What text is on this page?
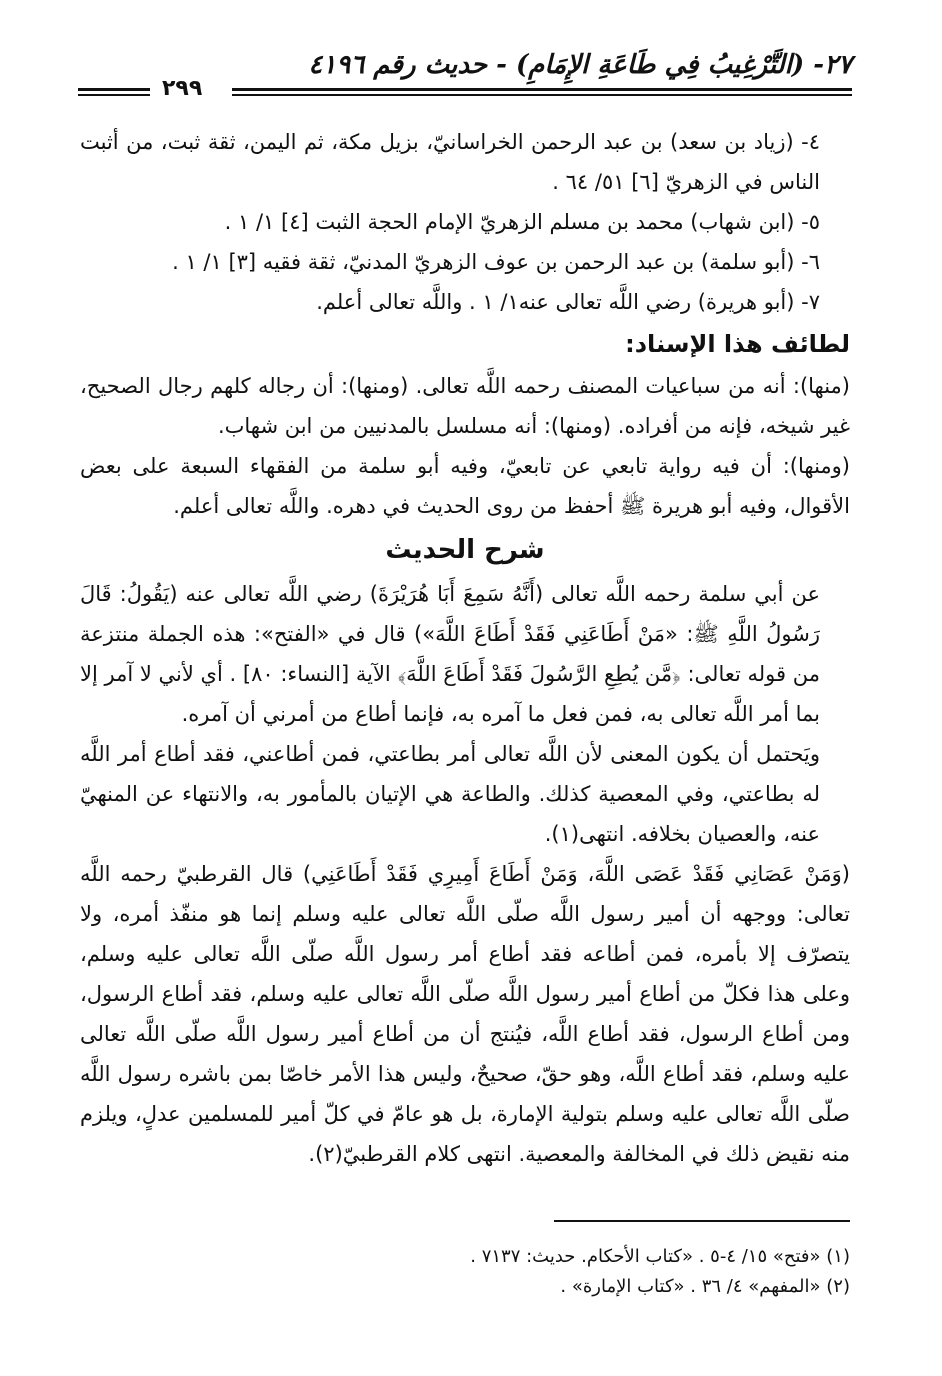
٢٧- (التَّرْغِيبُ فِي طَاعَةِ الإِمَامِ) - حديث رقم ٤١٩٦
٢٩٩

٤- (زياد بن سعد) بن عبد الرحمن الخراسانيّ، بزيل مكة، ثم اليمن، ثقة ثبت، من أثبت الناس في الزهريّ [٦] ٥١/ ٦٤ .

٥- (ابن شهاب) محمد بن مسلم الزهريّ الإمام الحجة الثبت [٤] ١/ ١ .

٦- (أبو سلمة) بن عبد الرحمن بن عوف الزهريّ المدنيّ، ثقة فقيه [٣] ١/ ١ .

٧- (أبو هريرة) رضي اللَّه تعالى عنه١/ ١ . واللَّه تعالى أعلم.

لطائف هذا الإسناد:

(منها): أنه من سباعيات المصنف رحمه اللَّه تعالى. (ومنها): أن رجاله كلهم رجال الصحيح، غير شيخه، فإنه من أفراده. (ومنها): أنه مسلسل بالمدنيين من ابن شهاب.

(ومنها): أن فيه رواية تابعي عن تابعيّ، وفيه أبو سلمة من الفقهاء السبعة على بعض الأقوال، وفيه أبو هريرة ﷺ أحفظ من روى الحديث في دهره. واللَّه تعالى أعلم.

شرح الحديث

عن أبي سلمة رحمه اللَّه تعالى (أَنَّهُ سَمِعَ أَبَا هُرَيْرَةَ) رضي اللَّه تعالى عنه (يَقُولُ: قَالَ رَسُولُ اللَّهِ ﷺ: «مَنْ أَطَاعَنِي فَقَدْ أَطَاعَ اللَّهَ») قال في «الفتح»: هذه الجملة منتزعة من قوله تعالى: ﴿مَّن يُطِعِ الرَّسُولَ فَقَدْ أَطَاعَ اللَّهَ﴾ الآية [النساء: ٨٠] . أي لأني لا آمر إلا بما أمر اللَّه تعالى به، فمن فعل ما آمره به، فإنما أطاع من أمرني أن آمره.

ويَحتمل أن يكون المعنى لأن اللَّه تعالى أمر بطاعتي، فمن أطاعني، فقد أطاع أمر اللَّه له بطاعتي، وفي المعصية كذلك. والطاعة هي الإتيان بالمأمور به، والانتهاء عن المنهيّ عنه، والعصيان بخلافه. انتهى(١).

(وَمَنْ عَصَانِي فَقَدْ عَصَى اللَّهَ، وَمَنْ أَطَاعَ أَمِيرِي فَقَدْ أَطَاعَنِي) قال القرطبيّ رحمه اللَّه تعالى: ووجهه أن أمير رسول اللَّه صلّى اللَّه تعالى عليه وسلم إنما هو منفّذ أمره، ولا يتصرّف إلا بأمره، فمن أطاعه فقد أطاع أمر رسول اللَّه صلّى اللَّه تعالى عليه وسلم، وعلى هذا فكلّ من أطاع أمير رسول اللَّه صلّى اللَّه تعالى عليه وسلم، فقد أطاع الرسول، ومن أطاع الرسول، فقد أطاع اللَّه، فيُنتج أن من أطاع أمير رسول اللَّه صلّى اللَّه تعالى عليه وسلم، فقد أطاع اللَّه، وهو حقّ، صحيحٌ، وليس هذا الأمر خاصّا بمن باشره رسول اللَّه صلّى اللَّه تعالى عليه وسلم بتولية الإمارة، بل هو عامّ في كلّ أمير للمسلمين عدلٍ، ويلزم منه نقيض ذلك في المخالفة والمعصية. انتهى كلام القرطبيّ(٢).

(١) «فتح» ١٥/ ٤-٥ . «كتاب الأحكام. حديث: ٧١٣٧ .

(٢) «المفهم» ٤/ ٣٦ . «كتاب الإمارة» .
